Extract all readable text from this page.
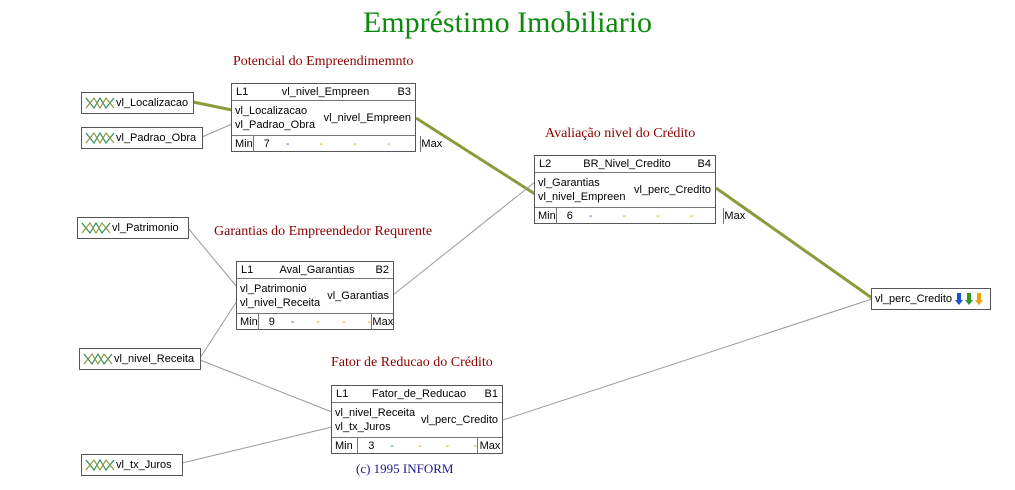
Empréstimo Imobiliario
Potencial do Empreendimemnto
Avaliação nivel do Crédito
Garantias do Empreendedor Requrente
Fator de Reducao do Crédito
vl_Localizacao
vl_Padrao_Obra
vl_Patrimonio
vl_nivel_Receita
vl_tx_Juros
vl_perc_Credito
L1	vl_nivel_Empreen	B3
vl_Localizacao
vl_Padrao_Obra
vl_nivel_Empreen
Min 7	-	-	-	-	Max
L2	BR_Nivel_Credito	B4
vl_Garantias
vl_nivel_Empreen
vl_perc_Credito
Min 6	-	-	-	-	Max
L1	Aval_Garantias	B2
vl_Patrimonio
vl_nivel_Receita
vl_Garantias
Min 9	- - - - Max
L1	Fator_de_Reducao	B1
vl_nivel_Receita
vl_tx_Juros
vl_perc_Credito
Min	3	- - - - Max
(c) 1995 INFORM
